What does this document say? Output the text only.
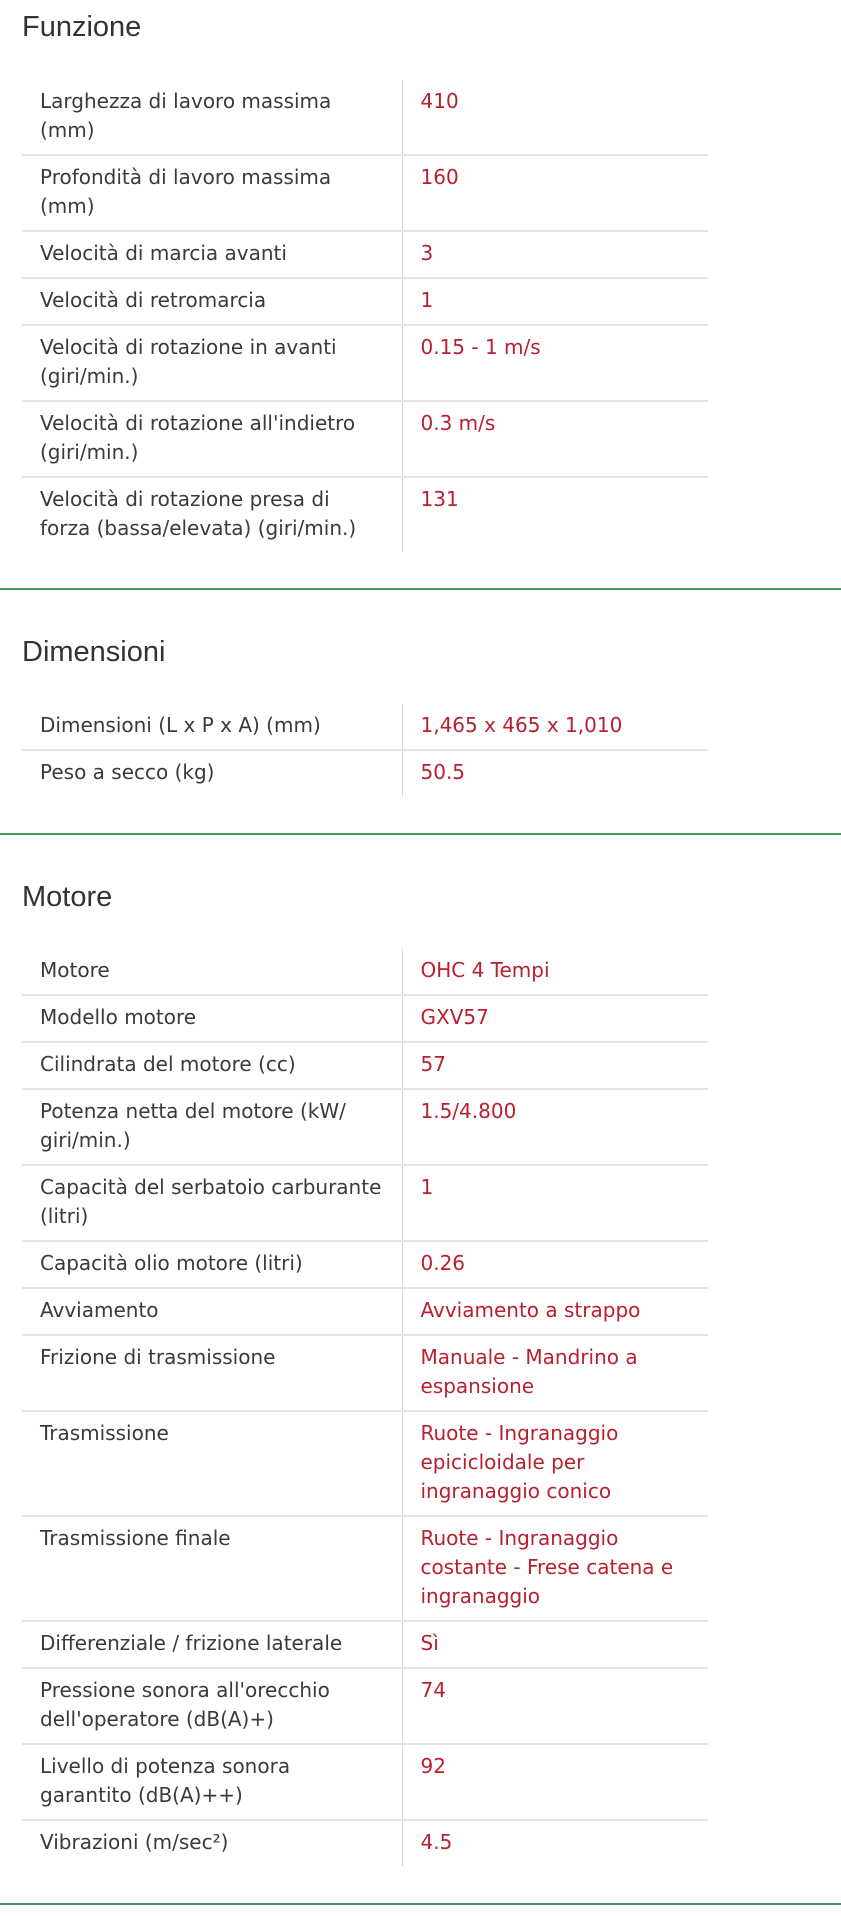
Funzione
Larghezza di lavoro massima (mm)	410
Profondità di lavoro massima (mm)	160
Velocità di marcia avanti	3
Velocità di retromarcia	1
Velocità di rotazione in avanti (giri/min.)	0.15 - 1 m/s
Velocità di rotazione all'indietro (giri/min.)	0.3 m/s
Velocità di rotazione presa di forza (bassa/elevata) (giri/min.)	131
Dimensioni
Dimensioni (L x P x A) (mm)	1,465 x 465 x 1,010
Peso a secco (kg)	50.5
Motore
Motore	OHC 4 Tempi
Modello motore	GXV57
Cilindrata del motore (cc)	57
Potenza netta del motore (kW/ giri/min.)	1.5/4.800
Capacità del serbatoio carburante (litri)	1
Capacità olio motore (litri)	0.26
Avviamento	Avviamento a strappo
Frizione di trasmissione	Manuale - Mandrino a espansione
Trasmissione	Ruote - Ingranaggio epicicloidale per ingranaggio conico
Trasmissione finale	Ruote - Ingranaggio costante - Frese catena e ingranaggio
Differenziale / frizione laterale	Sì
Pressione sonora all'orecchio dell'operatore (dB(A)+)	74
Livello di potenza sonora garantito (dB(A)++)	92
Vibrazioni (m/sec²)	4.5
